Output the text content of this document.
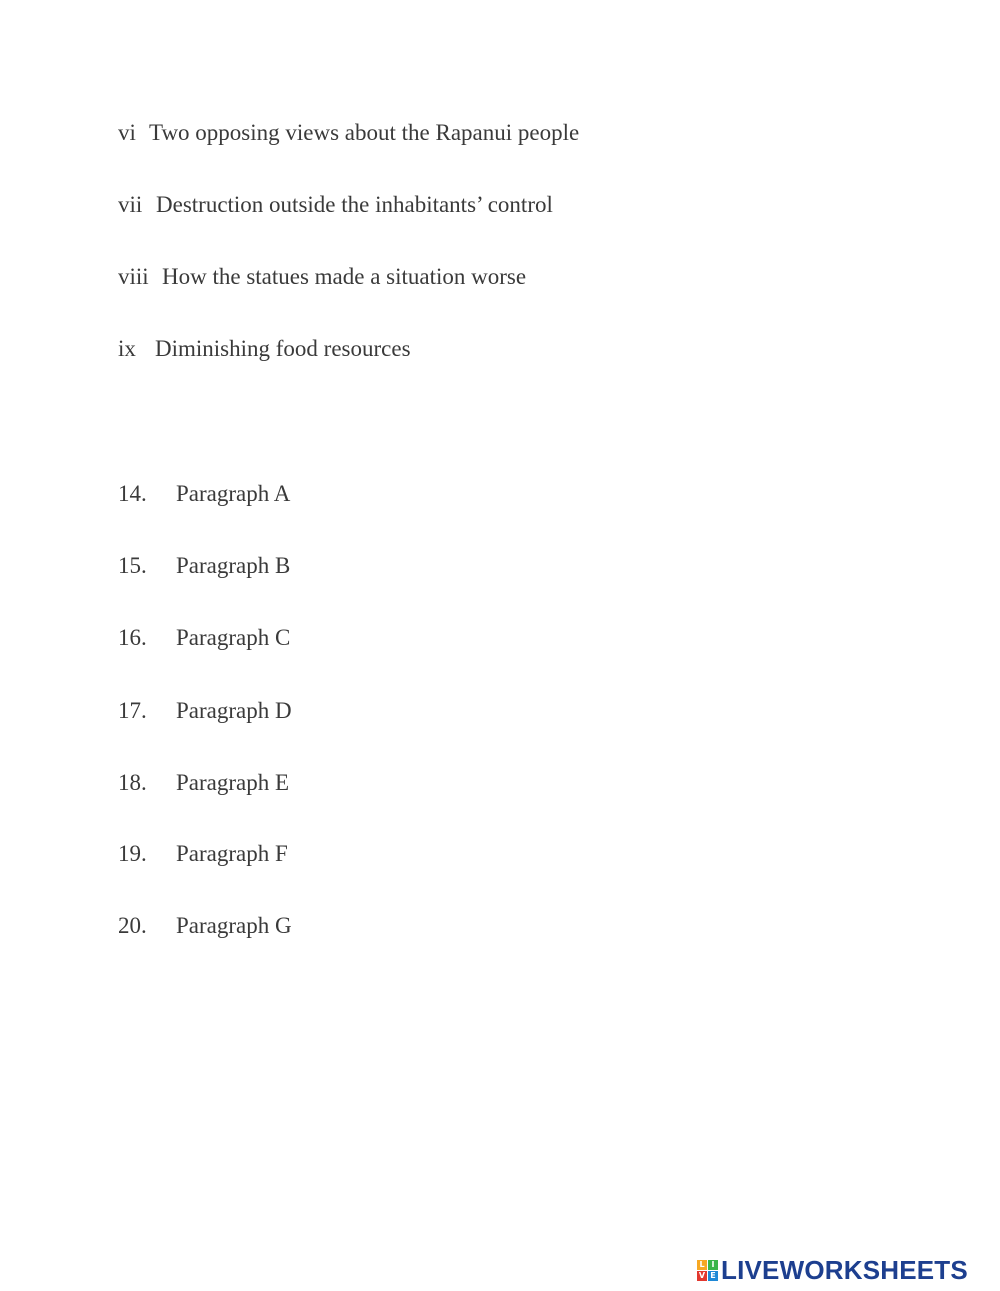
vi Two opposing views about the Rapanui people
vii Destruction outside the inhabitants’ control
viii How the statues made a situation worse
ix Diminishing food resources
14. Paragraph A
15. Paragraph B
16. Paragraph C
17. Paragraph D
18. Paragraph E
19. Paragraph F
20. Paragraph G
L I
V E LIVEWORKSHEETS
